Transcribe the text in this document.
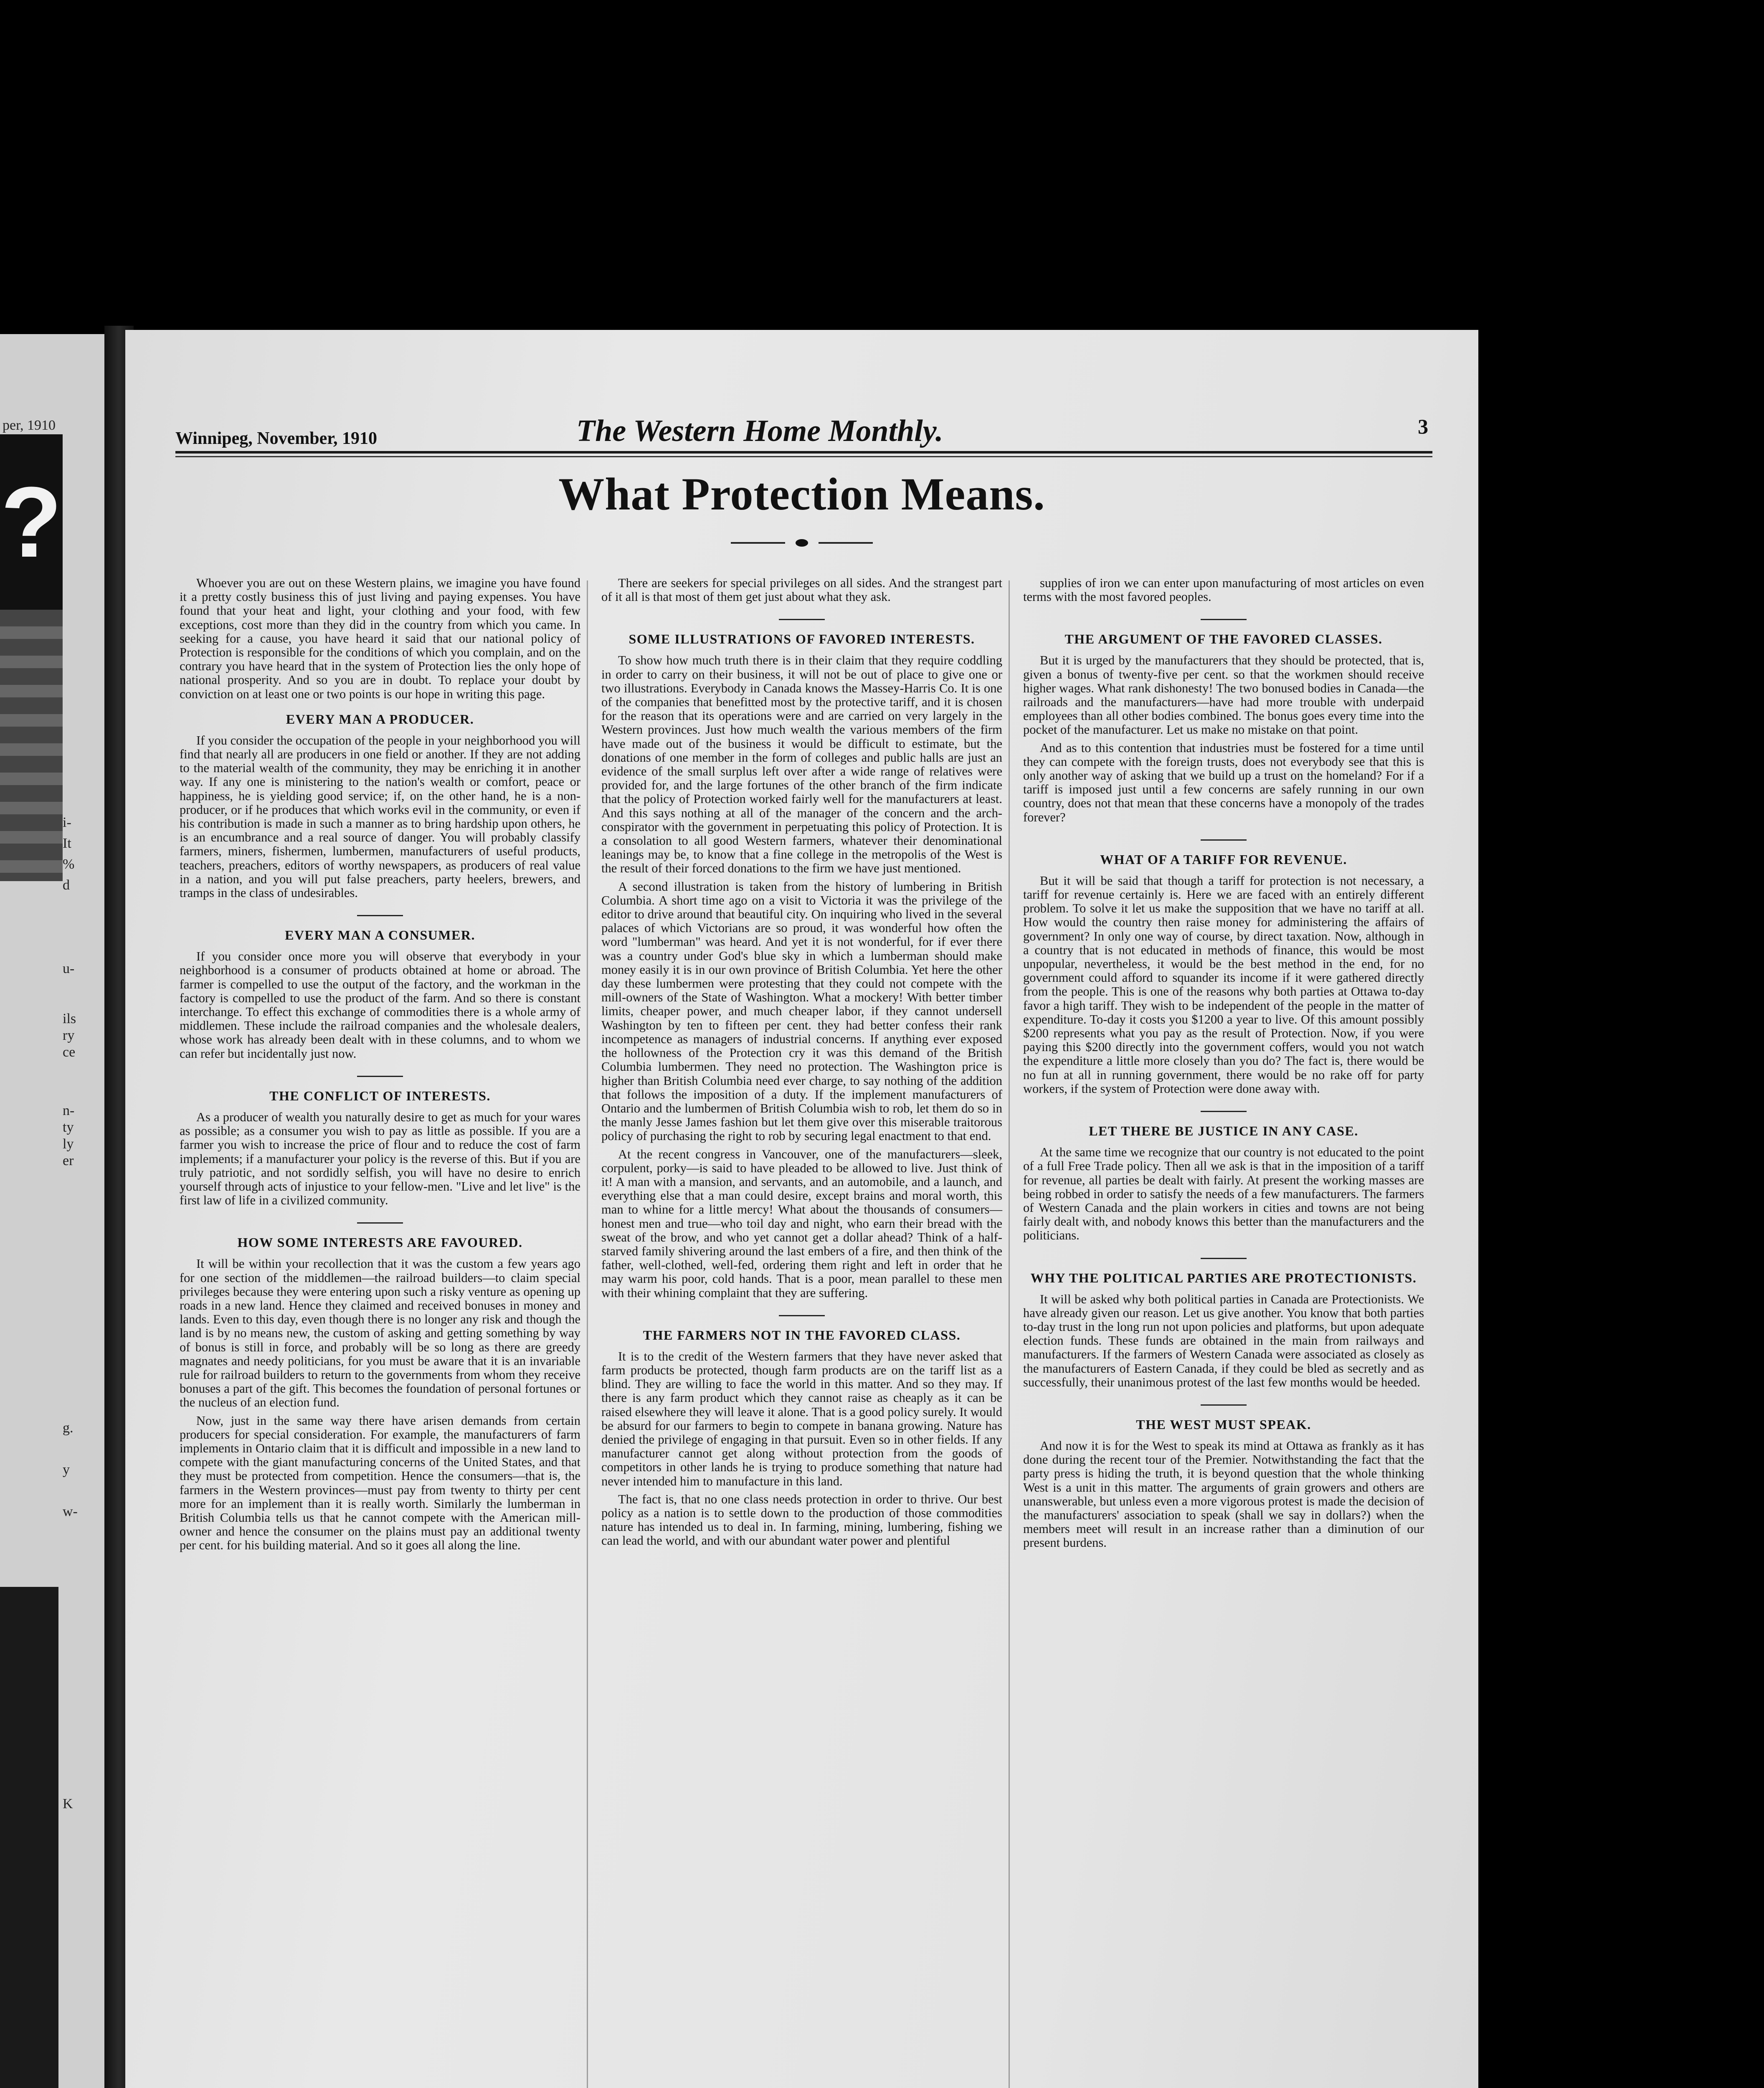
per, 1910
?
i-
It
%
d
u-
ils
ry
ce
n-
ty
ly
er
g.
y
w-
K
Winnipeg, November, 1910	The Western Home Monthly.	3
What Protection Means.

Whoever you are out on these Western plains, we imagine you have found it a pretty costly business this of just living and paying expenses. You have found that your heat and light, your clothing and your food, with few exceptions, cost more than they did in the country from which you came. In seeking for a cause, you have heard it said that our national policy of Protection is responsible for the conditions of which you complain, and on the contrary you have heard that in the system of Protection lies the only hope of national prosperity. And so you are in doubt. To replace your doubt by conviction on at least one or two points is our hope in writing this page.

EVERY MAN A PRODUCER.

If you consider the occupation of the people in your neighborhood you will find that nearly all are producers in one field or another. If they are not adding to the material wealth of the community, they may be enriching it in another way. If any one is ministering to the nation's wealth or comfort, peace or happiness, he is yielding good service; if, on the other hand, he is a non-producer, or if he produces that which works evil in the community, or even if his contribution is made in such a manner as to bring hardship upon others, he is an encumbrance and a real source of danger. You will probably classify farmers, miners, fishermen, lumbermen, manufacturers of useful products, teachers, preachers, editors of worthy newspapers, as producers of real value in a nation, and you will put false preachers, party heelers, brewers, and tramps in the class of undesirables.

EVERY MAN A CONSUMER.

If you consider once more you will observe that everybody in your neighborhood is a consumer of products obtained at home or abroad. The farmer is compelled to use the output of the factory, and the workman in the factory is compelled to use the product of the farm. And so there is constant interchange. To effect this exchange of commodities there is a whole army of middlemen. These include the railroad companies and the wholesale dealers, whose work has already been dealt with in these columns, and to whom we can refer but incidentally just now.

THE CONFLICT OF INTERESTS.

As a producer of wealth you naturally desire to get as much for your wares as possible; as a consumer you wish to pay as little as possible. If you are a farmer you wish to increase the price of flour and to reduce the cost of farm implements; if a manufacturer your policy is the reverse of this. But if you are truly patriotic, and not sordidly selfish, you will have no desire to enrich yourself through acts of injustice to your fellow-men. "Live and let live" is the first law of life in a civilized community.

HOW SOME INTERESTS ARE FAVOURED.

It will be within your recollection that it was the custom a few years ago for one section of the middlemen—the railroad builders—to claim special privileges because they were entering upon such a risky venture as opening up roads in a new land. Hence they claimed and received bonuses in money and lands. Even to this day, even though there is no longer any risk and though the land is by no means new, the custom of asking and getting something by way of bonus is still in force, and probably will be so long as there are greedy magnates and needy politicians, for you must be aware that it is an invariable rule for railroad builders to return to the governments from whom they receive bonuses a part of the gift. This becomes the foundation of personal fortunes or the nucleus of an election fund.

Now, just in the same way there have arisen demands from certain producers for special consideration. For example, the manufacturers of farm implements in Ontario claim that it is difficult and impossible in a new land to compete with the giant manufacturing concerns of the United States, and that they must be protected from competition. Hence the consumers—that is, the farmers in the Western provinces—must pay from twenty to thirty per cent more for an implement than it is really worth. Similarly the lumberman in British Columbia tells us that he cannot compete with the American mill-owner and hence the consumer on the plains must pay an additional twenty per cent. for his building material. And so it goes all along the line.

There are seekers for special privileges on all sides. And the strangest part of it all is that most of them get just about what they ask.

SOME ILLUSTRATIONS OF FAVORED INTERESTS.

To show how much truth there is in their claim that they require coddling in order to carry on their business, it will not be out of place to give one or two illustrations. Everybody in Canada knows the Massey-Harris Co. It is one of the companies that benefitted most by the protective tariff, and it is chosen for the reason that its operations were and are carried on very largely in the Western provinces. Just how much wealth the various members of the firm have made out of the business it would be difficult to estimate, but the donations of one member in the form of colleges and public halls are just an evidence of the small surplus left over after a wide range of relatives were provided for, and the large fortunes of the other branch of the firm indicate that the policy of Protection worked fairly well for the manufacturers at least. And this says nothing at all of the manager of the concern and the arch-conspirator with the government in perpetuating this policy of Protection. It is a consolation to all good Western farmers, whatever their denominational leanings may be, to know that a fine college in the metropolis of the West is the result of their forced donations to the firm we have just mentioned.

A second illustration is taken from the history of lumbering in British Columbia. A short time ago on a visit to Victoria it was the privilege of the editor to drive around that beautiful city. On inquiring who lived in the several palaces of which Victorians are so proud, it was wonderful how often the word "lumberman" was heard. And yet it is not wonderful, for if ever there was a country under God's blue sky in which a lumberman should make money easily it is in our own province of British Columbia. Yet here the other day these lumbermen were protesting that they could not compete with the mill-owners of the State of Washington. What a mockery! With better timber limits, cheaper power, and much cheaper labor, if they cannot undersell Washington by ten to fifteen per cent. they had better confess their rank incompetence as managers of industrial concerns. If anything ever exposed the hollowness of the Protection cry it was this demand of the British Columbia lumbermen. They need no protection. The Washington price is higher than British Columbia need ever charge, to say nothing of the addition that follows the imposition of a duty. If the implement manufacturers of Ontario and the lumbermen of British Columbia wish to rob, let them do so in the manly Jesse James fashion but let them give over this miserable traitorous policy of purchasing the right to rob by securing legal enactment to that end.

At the recent congress in Vancouver, one of the manufacturers—sleek, corpulent, porky—is said to have pleaded to be allowed to live. Just think of it! A man with a mansion, and servants, and an automobile, and a launch, and everything else that a man could desire, except brains and moral worth, this man to whine for a little mercy! What about the thousands of consumers—honest men and true—who toil day and night, who earn their bread with the sweat of the brow, and who yet cannot get a dollar ahead? Think of a half-starved family shivering around the last embers of a fire, and then think of the father, well-clothed, well-fed, ordering them right and left in order that he may warm his poor, cold hands. That is a poor, mean parallel to these men with their whining complaint that they are suffering.

THE FARMERS NOT IN THE FAVORED CLASS.

It is to the credit of the Western farmers that they have never asked that farm products be protected, though farm products are on the tariff list as a blind. They are willing to face the world in this matter. And so they may. If there is any farm product which they cannot raise as cheaply as it can be raised elsewhere they will leave it alone. That is a good policy surely. It would be absurd for our farmers to begin to compete in banana growing. Nature has denied the privilege of engaging in that pursuit. Even so in other fields. If any manufacturer cannot get along without protection from the goods of competitors in other lands he is trying to produce something that nature had never intended him to manufacture in this land.

The fact is, that no one class needs protection in order to thrive. Our best policy as a nation is to settle down to the production of those commodities nature has intended us to deal in. In farming, mining, lumbering, fishing we can lead the world, and with our abundant water power and plentiful

supplies of iron we can enter upon manufacturing of most articles on even terms with the most favored peoples.

THE ARGUMENT OF THE FAVORED CLASSES.

But it is urged by the manufacturers that they should be protected, that is, given a bonus of twenty-five per cent. so that the workmen should receive higher wages. What rank dishonesty! The two bonused bodies in Canada—the railroads and the manufacturers—have had more trouble with underpaid employees than all other bodies combined. The bonus goes every time into the pocket of the manufacturer. Let us make no mistake on that point.

And as to this contention that industries must be fostered for a time until they can compete with the foreign trusts, does not everybody see that this is only another way of asking that we build up a trust on the homeland? For if a tariff is imposed just until a few concerns are safely running in our own country, does not that mean that these concerns have a monopoly of the trades forever?

WHAT OF A TARIFF FOR REVENUE.

But it will be said that though a tariff for protection is not necessary, a tariff for revenue certainly is. Here we are faced with an entirely different problem. To solve it let us make the supposition that we have no tariff at all. How would the country then raise money for administering the affairs of government? In only one way of course, by direct taxation. Now, although in a country that is not educated in methods of finance, this would be most unpopular, nevertheless, it would be the best method in the end, for no government could afford to squander its income if it were gathered directly from the people. This is one of the reasons why both parties at Ottawa to-day favor a high tariff. They wish to be independent of the people in the matter of expenditure. To-day it costs you $1200 a year to live. Of this amount possibly $200 represents what you pay as the result of Protection. Now, if you were paying this $200 directly into the government coffers, would you not watch the expenditure a little more closely than you do? The fact is, there would be no fun at all in running government, there would be no rake off for party workers, if the system of Protection were done away with.

LET THERE BE JUSTICE IN ANY CASE.

At the same time we recognize that our country is not educated to the point of a full Free Trade policy. Then all we ask is that in the imposition of a tariff for revenue, all parties be dealt with fairly. At present the working masses are being robbed in order to satisfy the needs of a few manufacturers. The farmers of Western Canada and the plain workers in cities and towns are not being fairly dealt with, and nobody knows this better than the manufacturers and the politicians.

WHY THE POLITICAL PARTIES ARE PROTECTIONISTS.

It will be asked why both political parties in Canada are Protectionists. We have already given our reason. Let us give another. You know that both parties to-day trust in the long run not upon policies and platforms, but upon adequate election funds. These funds are obtained in the main from railways and manufacturers. If the farmers of Western Canada were associated as closely as the manufacturers of Eastern Canada, if they could be bled as secretly and as successfully, their unanimous protest of the last few months would be heeded.

THE WEST MUST SPEAK.

And now it is for the West to speak its mind at Ottawa as frankly as it has done during the recent tour of the Premier. Notwithstanding the fact that the party press is hiding the truth, it is beyond question that the whole thinking West is a unit in this matter. The arguments of grain growers and others are unanswerable, but unless even a more vigorous protest is made the decision of the manufacturers' association to speak (shall we say in dollars?) when the members meet will result in an increase rather than a diminution of our present burdens.
